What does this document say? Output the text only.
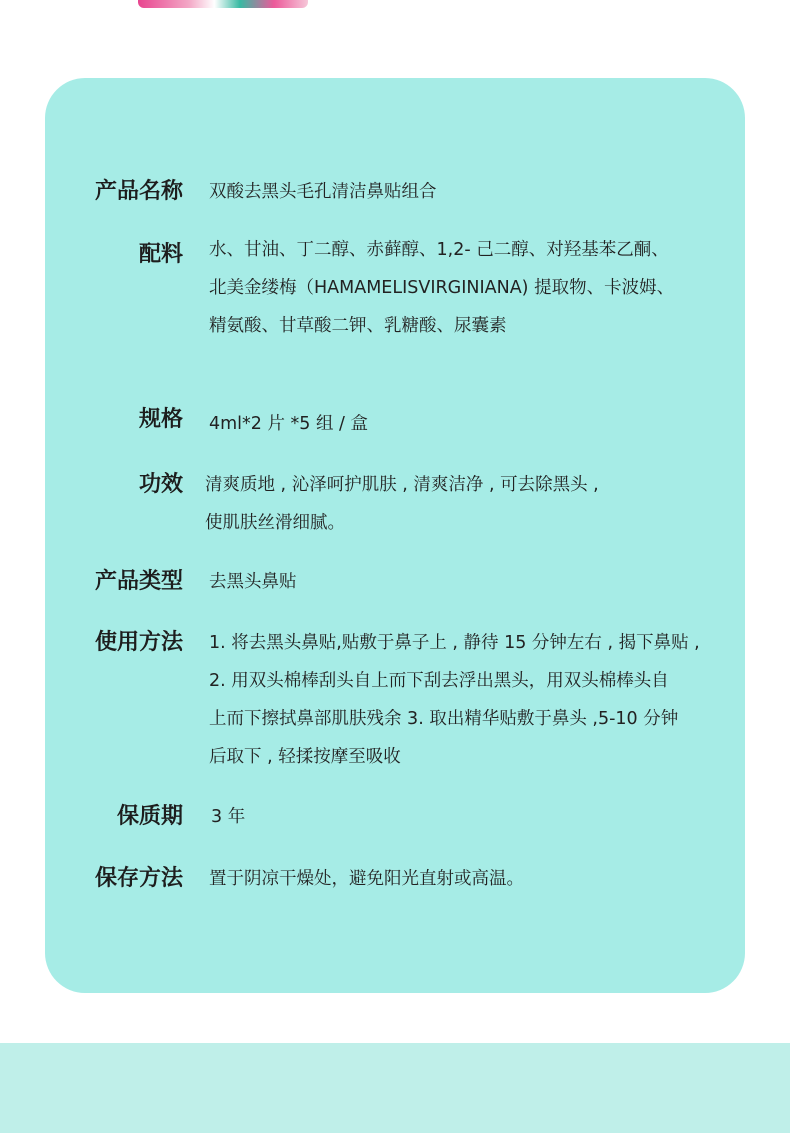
产品名称 双酸去黑头毛孔清洁鼻贴组合
配料 水、甘油、丁二醇、赤藓醇、1,2- 己二醇、对羟基苯乙酮、
北美金缕梅（HAMAMELISVIRGINIANA) 提取物、卡波姆、
精氨酸、甘草酸二钾、乳糖酸、尿囊素
规格 4ml*2 片 *5 组 / 盒
功效 清爽质地 , 沁泽呵护肌肤 , 清爽洁净 , 可去除黑头 ,
使肌肤丝滑细腻。
产品类型 去黑头鼻贴
使用方法 1. 将去黑头鼻贴,贴敷于鼻子上 , 静待 15 分钟左右 , 揭下鼻贴 ,
2. 用双头棉棒刮头自上而下刮去浮出黑头，用双头棉棒头自
上而下擦拭鼻部肌肤残余 3. 取出精华贴敷于鼻头 ,5-10 分钟
后取下 , 轻揉按摩至吸收
保质期 3 年
保存方法 置于阴凉干燥处，避免阳光直射或高温。
